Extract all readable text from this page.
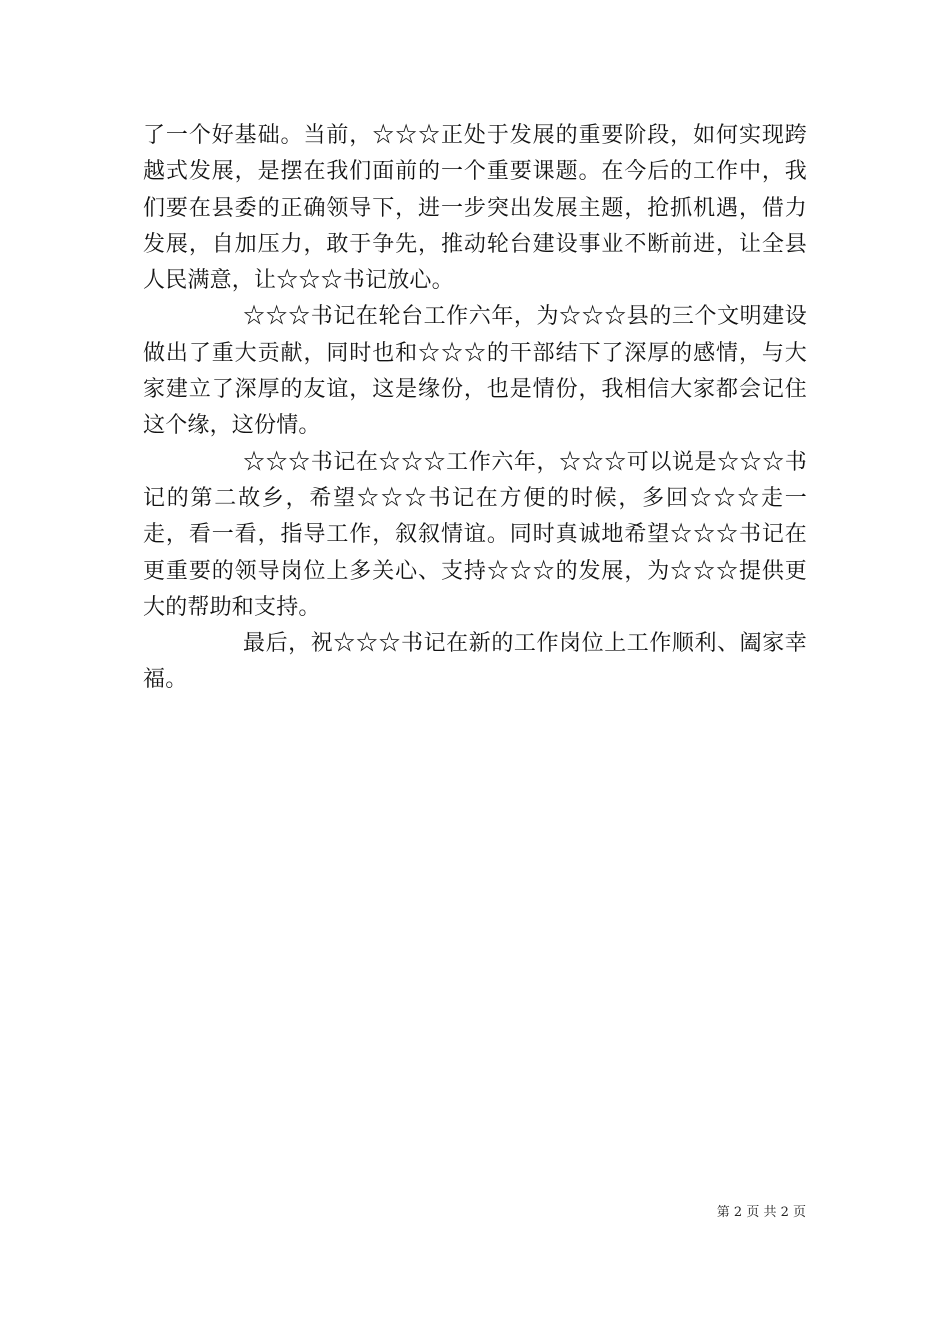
了一个好基础。当前，☆☆☆正处于发展的重要阶段，如何实现跨越式发展，是摆在我们面前的一个重要课题。在今后的工作中，我们要在县委的正确领导下，进一步突出发展主题，抢抓机遇，借力发展，自加压力，敢于争先，推动轮台建设事业不断前进，让全县人民满意，让☆☆☆书记放心。

☆☆☆书记在轮台工作六年，为☆☆☆县的三个文明建设做出了重大贡献，同时也和☆☆☆的干部结下了深厚的感情，与大家建立了深厚的友谊，这是缘份，也是情份，我相信大家都会记住这个缘，这份情。

☆☆☆书记在☆☆☆工作六年，☆☆☆可以说是☆☆☆书记的第二故乡，希望☆☆☆书记在方便的时候，多回☆☆☆走一走，看一看，指导工作，叙叙情谊。同时真诚地希望☆☆☆书记在更重要的领导岗位上多关心、支持☆☆☆的发展，为☆☆☆提供更大的帮助和支持。

最后，祝☆☆☆书记在新的工作岗位上工作顺利、阖家幸福。

第 2 页 共 2 页
